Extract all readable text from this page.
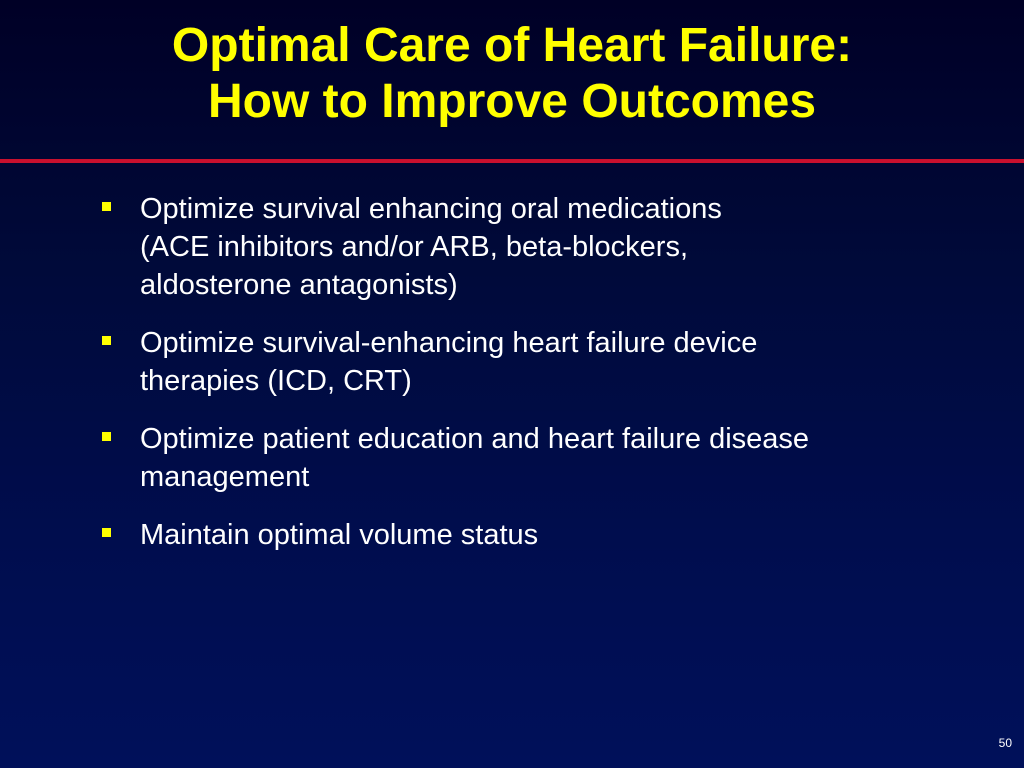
Optimal Care of Heart Failure:
How to Improve Outcomes
Optimize survival enhancing oral medications
(ACE inhibitors and/or ARB, beta-blockers,
aldosterone antagonists)
Optimize survival-enhancing heart failure device
therapies (ICD, CRT)
Optimize patient education and heart failure disease
management
Maintain optimal volume status
50
